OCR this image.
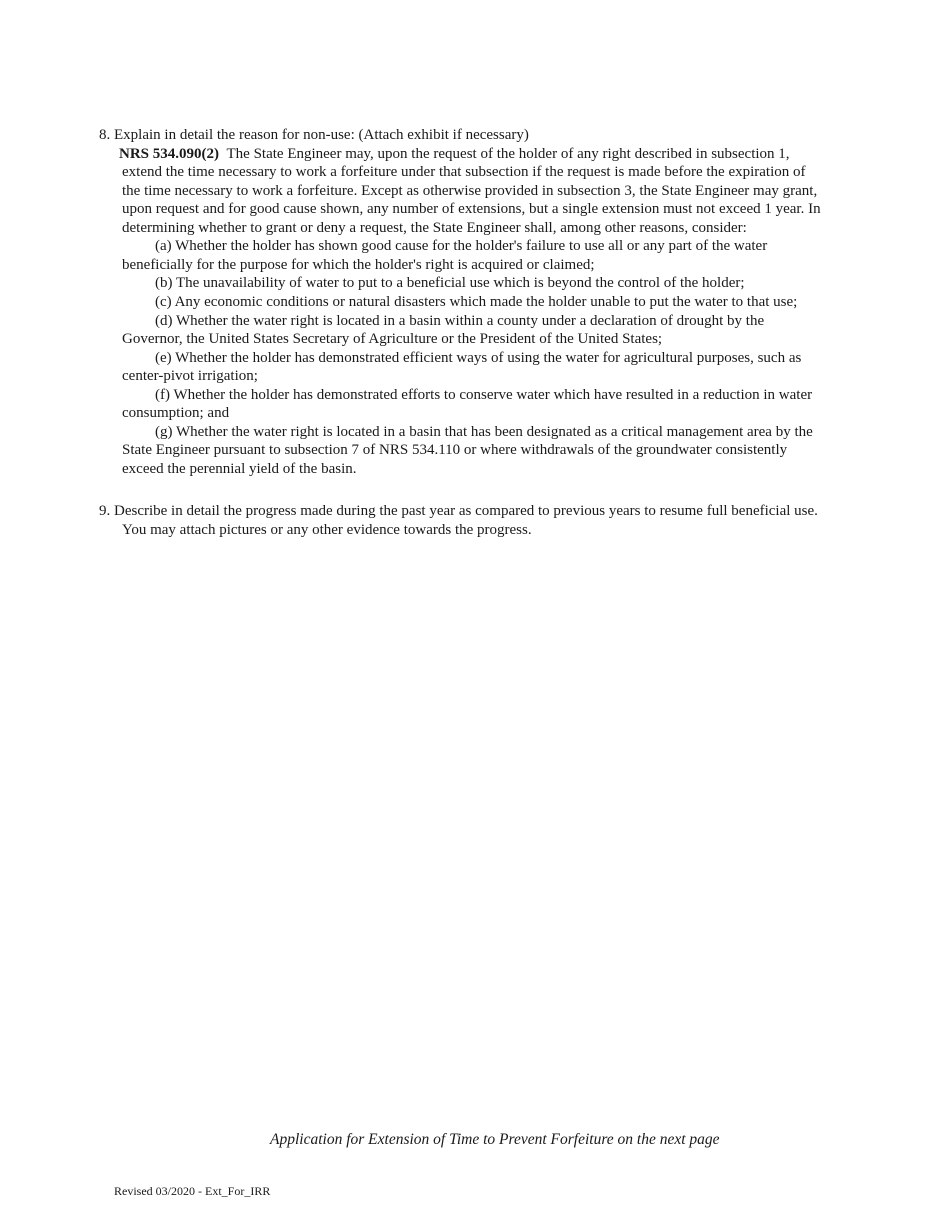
8. Explain in detail the reason for non-use: (Attach exhibit if necessary)
NRS 534.090(2) The State Engineer may, upon the request of the holder of any right described in subsection 1,
extend the time necessary to work a forfeiture under that subsection if the request is made before the expiration of
the time necessary to work a forfeiture. Except as otherwise provided in subsection 3, the State Engineer may grant,
upon request and for good cause shown, any number of extensions, but a single extension must not exceed 1 year. In
determining whether to grant or deny a request, the State Engineer shall, among other reasons, consider:
(a) Whether the holder has shown good cause for the holder's failure to use all or any part of the water
beneficially for the purpose for which the holder's right is acquired or claimed;
(b) The unavailability of water to put to a beneficial use which is beyond the control of the holder;
(c) Any economic conditions or natural disasters which made the holder unable to put the water to that use;
(d) Whether the water right is located in a basin within a county under a declaration of drought by the
Governor, the United States Secretary of Agriculture or the President of the United States;
(e) Whether the holder has demonstrated efficient ways of using the water for agricultural purposes, such as
center-pivot irrigation;
(f) Whether the holder has demonstrated efforts to conserve water which have resulted in a reduction in water
consumption; and
(g) Whether the water right is located in a basin that has been designated as a critical management area by the
State Engineer pursuant to subsection 7 of NRS 534.110 or where withdrawals of the groundwater consistently
exceed the perennial yield of the basin.
9. Describe in detail the progress made during the past year as compared to previous years to resume full beneficial use.
You may attach pictures or any other evidence towards the progress.
Application for Extension of Time to Prevent Forfeiture on the next page
Revised 03/2020 - Ext_For_IRR
